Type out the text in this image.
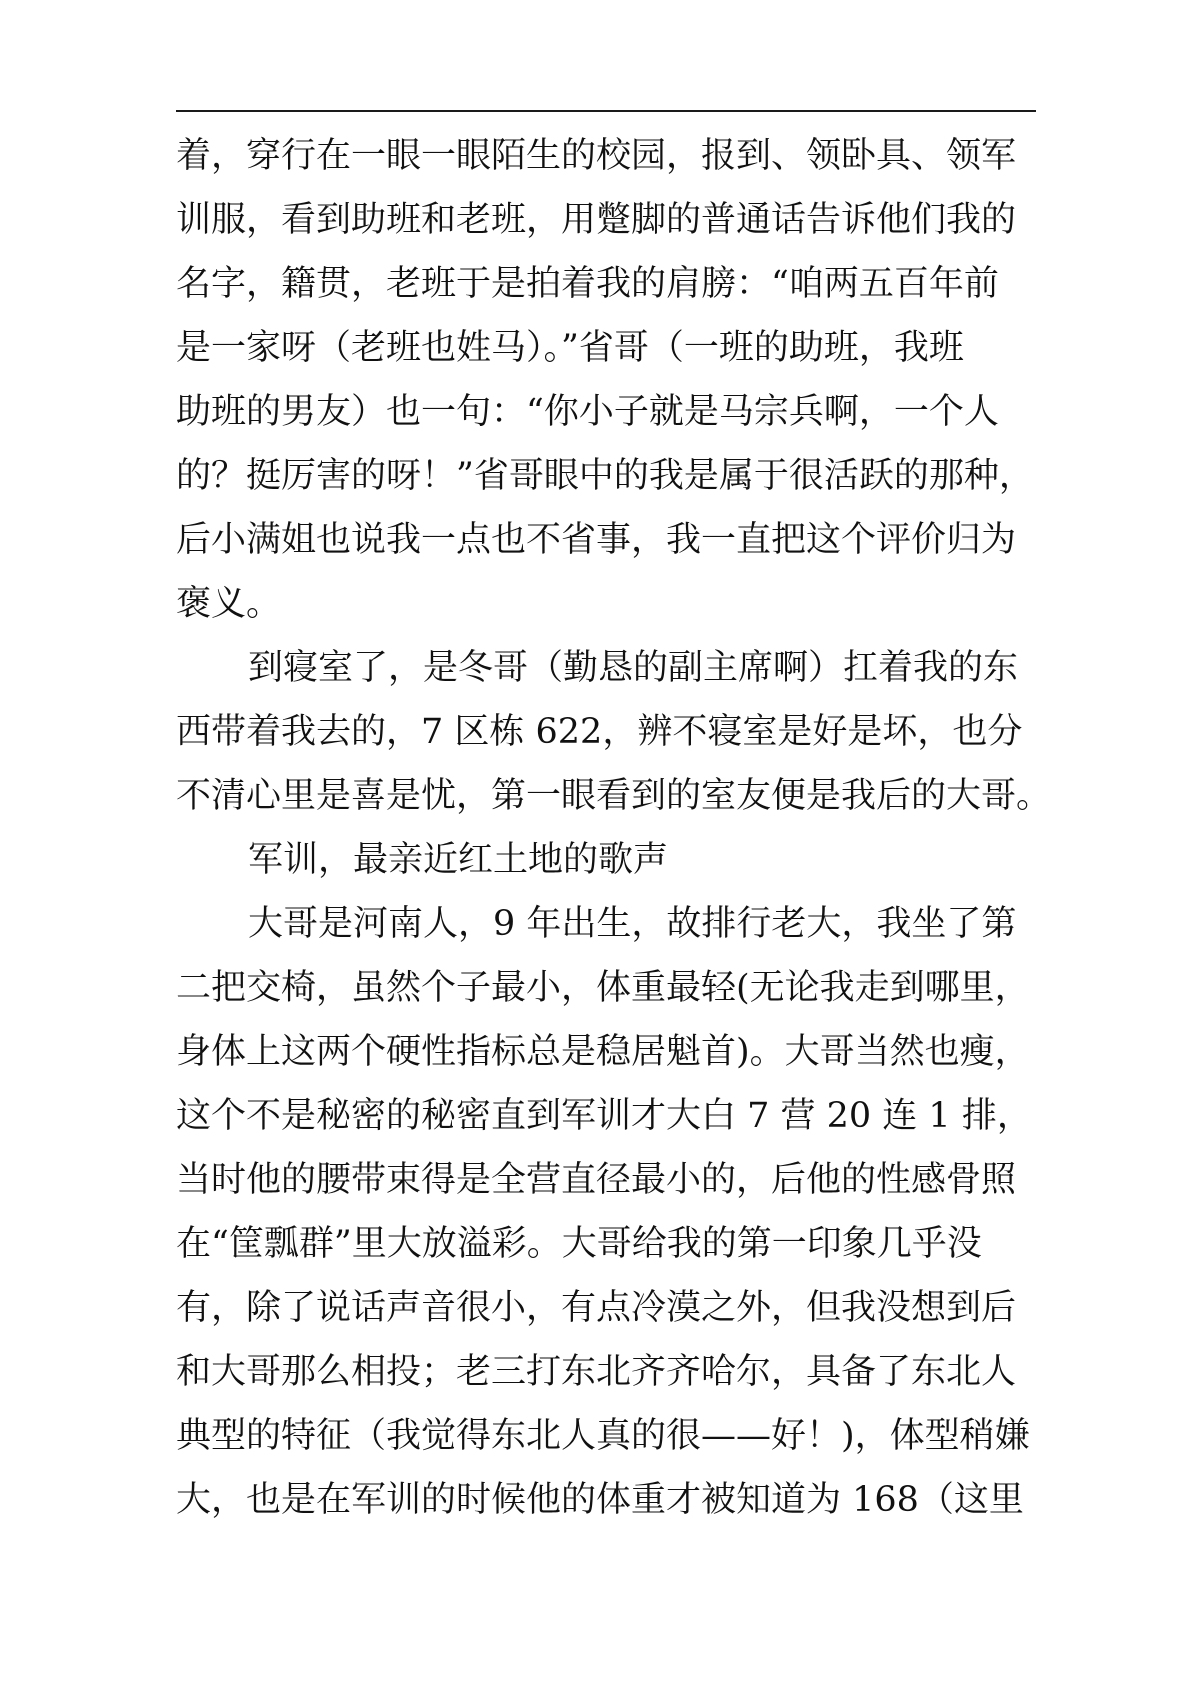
着，穿行在一眼一眼陌生的校园，报到、领卧具、领军
训服，看到助班和老班，用蹩脚的普通话告诉他们我的
名字，籍贯，老班于是拍着我的肩膀：“咱两五百年前
是一家呀（老班也姓马）。”省哥（一班的助班，我班
助班的男友）也一句：“你小子就是马宗兵啊，一个人
的？挺厉害的呀！”省哥眼中的我是属于很活跃的那种，
后小满姐也说我一点也不省事，我一直把这个评价归为
褒义。
到寝室了，是冬哥（勤恳的副主席啊）扛着我的东
西带着我去的，7 区栋 622，辨不寝室是好是坏，也分
不清心里是喜是忧，第一眼看到的室友便是我后的大哥。
军训，最亲近红土地的歌声
大哥是河南人，9 年出生，故排行老大，我坐了第
二把交椅，虽然个子最小，体重最轻(无论我走到哪里，
身体上这两个硬性指标总是稳居魁首)。大哥当然也瘦，
这个不是秘密的秘密直到军训才大白 7 营 20 连 1 排，
当时他的腰带束得是全营直径最小的，后他的性感骨照
在“筐瓢群”里大放溢彩。大哥给我的第一印象几乎没
有，除了说话声音很小，有点冷漠之外，但我没想到后
和大哥那么相投；老三打东北齐齐哈尔，具备了东北人
典型的特征（我觉得东北人真的很——好！)，体型稍嫌
大，也是在军训的时候他的体重才被知道为 168（这里
